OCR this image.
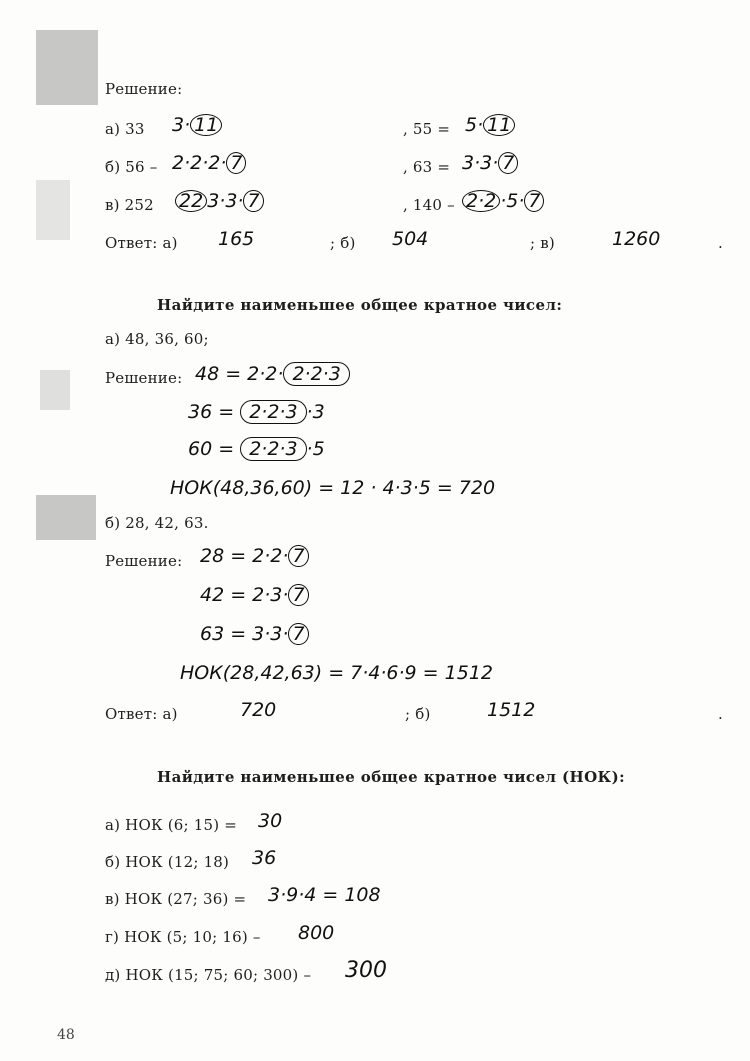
Решение:
а) 33 3· 11	, 55 = 5· 11
б) 56 – 2·2·2· 7	, 63 = 3·3· 7
в) 252 22 3·3· 7	, 140 – 2·2 ·5· 7
Ответ: а) 165	; б) 504	; в)	1260	.
Найдите наименьшее общее кратное чисел:
а) 48, 36, 60;
Решение: 48 = 2·2· 2·2·3
36 = 2·2·3 ·3
60 = 2·2·3 ·5
НОК(48,36,60) = 12 · 4·3·5 = 720
б) 28, 42, 63.
Решение: 28 = 2·2· 7
42 = 2·3· 7
63 = 3·3· 7
НОК(28,42,63) = 7·4·6·9 = 1512
Ответ: а)	720	; б)	1512	.
Найдите наименьшее общее кратное чисел (НОК):
а) НОК (6; 15) = 30
б) НОК (12; 18) 36
в) НОК (27; 36) = 3·9·4 = 108
г) НОК (5; 10; 16) – 800
д) НОК (15; 75; 60; 300) – 300
48
